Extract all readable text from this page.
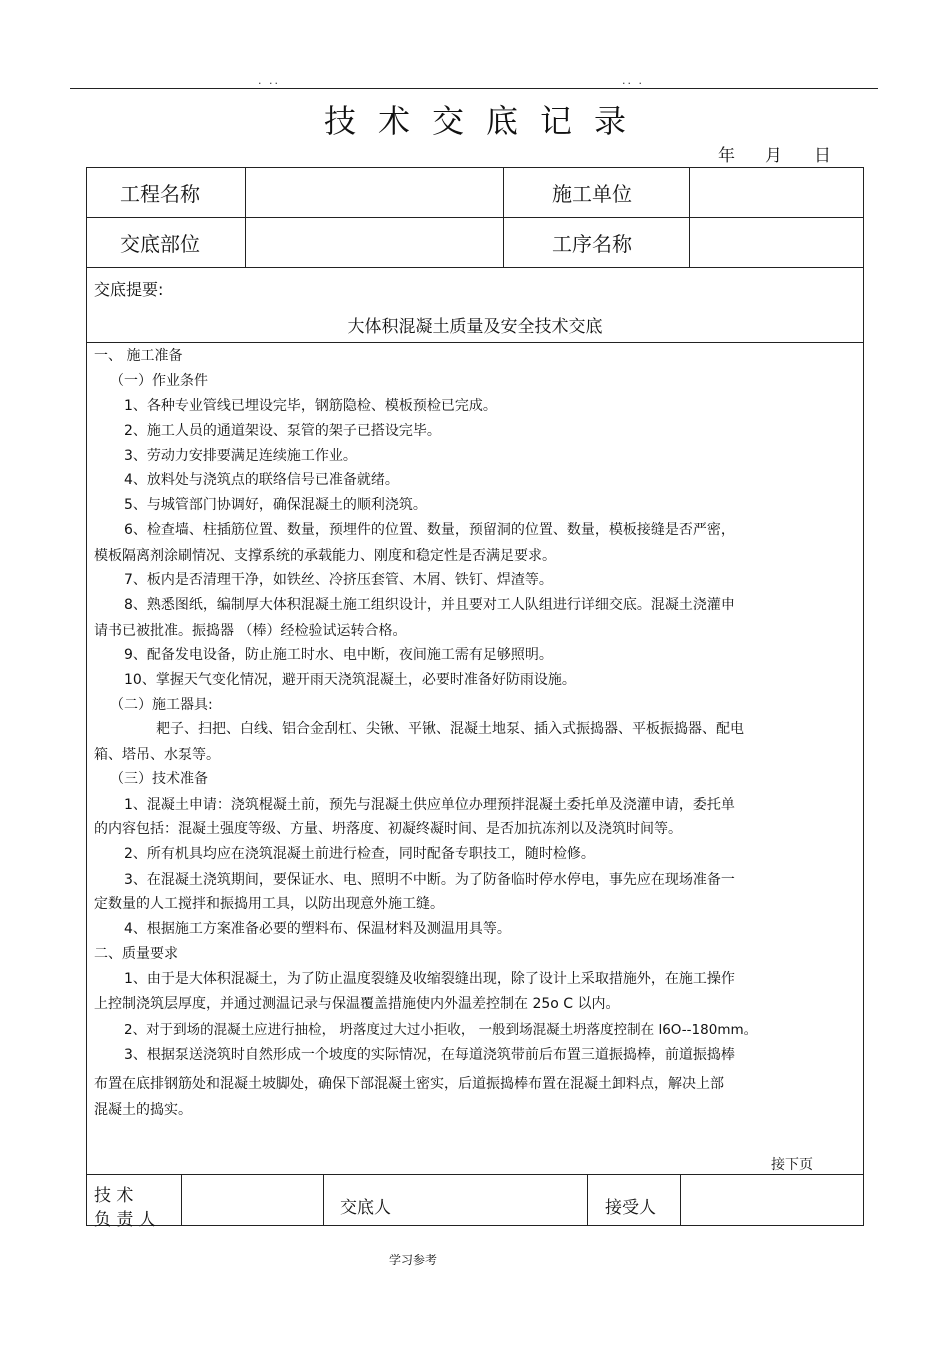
. ..	.. .
技术交底记录
年 月 日
工程名称	施工单位
交底部位	工序名称
交底提要:
大体积混凝土质量及安全技术交底
一、 施工准备
（一）作业条件
1、各种专业管线已埋设完毕，钢筋隐检、模板预检已完成。
2、施工人员的通道架设、泵管的架子已搭设完毕。
3、劳动力安排要满足连续施工作业。
4、放料处与浇筑点的联络信号已准备就绪。
5、与城管部门协调好，确保混凝土的顺利浇筑。
6、检查墙、柱插筋位置、数量，预埋件的位置、数量，预留洞的位置、数量，模板接缝是否严密，
模板隔离剂涂刷情况、支撑系统的承载能力、刚度和稳定性是否满足要求。
7、板内是否清理干净，如铁丝、冷挤压套管、木屑、铁钉、焊渣等。
8、熟悉图纸，编制厚大体积混凝土施工组织设计，并且要对工人队组进行详细交底。混凝土浇灌申
请书已被批准。振捣器 （棒）经检验试运转合格。
9、配备发电设备，防止施工时水、电中断，夜间施工需有足够照明。
10、掌握天气变化情况，避开雨天浇筑混凝土，必要时准备好防雨设施。
（二）施工器具:
耙子、扫把、白线、铝合金刮杠、尖锹、平锹、混凝土地泵、插入式振捣器、平板振捣器、配电
箱、塔吊、水泵等。
（三）技术准备
1、混凝土申请：浇筑棍凝土前，预先与混凝土供应单位办理预拌混凝土委托单及浇灌申请，委托单
的内容包括：混凝土强度等级、方量、坍落度、初凝终凝时间、是否加抗冻剂以及浇筑时间等。
2、所有机具均应在浇筑混凝土前进行检查，同时配备专职技工，随时检修。
3、在混凝土浇筑期间，要保证水、电、照明不中断。为了防备临时停水停电，事先应在现场准备一
定数量的人工搅拌和振捣用工具，以防出现意外施工缝。
4、根据施工方案准备必要的塑料布、保温材料及测温用具等。
二、质量要求
1、由于是大体积混凝土，为了防止温度裂缝及收缩裂缝出现，除了设计上采取措施外，在施工操作
上控制浇筑层厚度，并通过测温记录与保温覆盖措施使内外温差控制在 25o C 以内。
2、对于到场的混凝土应进行抽检， 坍落度过大过小拒收， 一般到场混凝土坍落度控制在 l6O--180mm。
3、根据泵送浇筑时自然形成一个坡度的实际情况，在每道浇筑带前后布置三道振捣棒，前道振捣棒
布置在底排钢筋处和混凝土坡脚处，确保下部混凝土密实，后道振捣棒布置在混凝土卸料点，解决上部
混凝土的捣实。
接下页
技 术
负 责 人
交底人	接受人
学习参考
